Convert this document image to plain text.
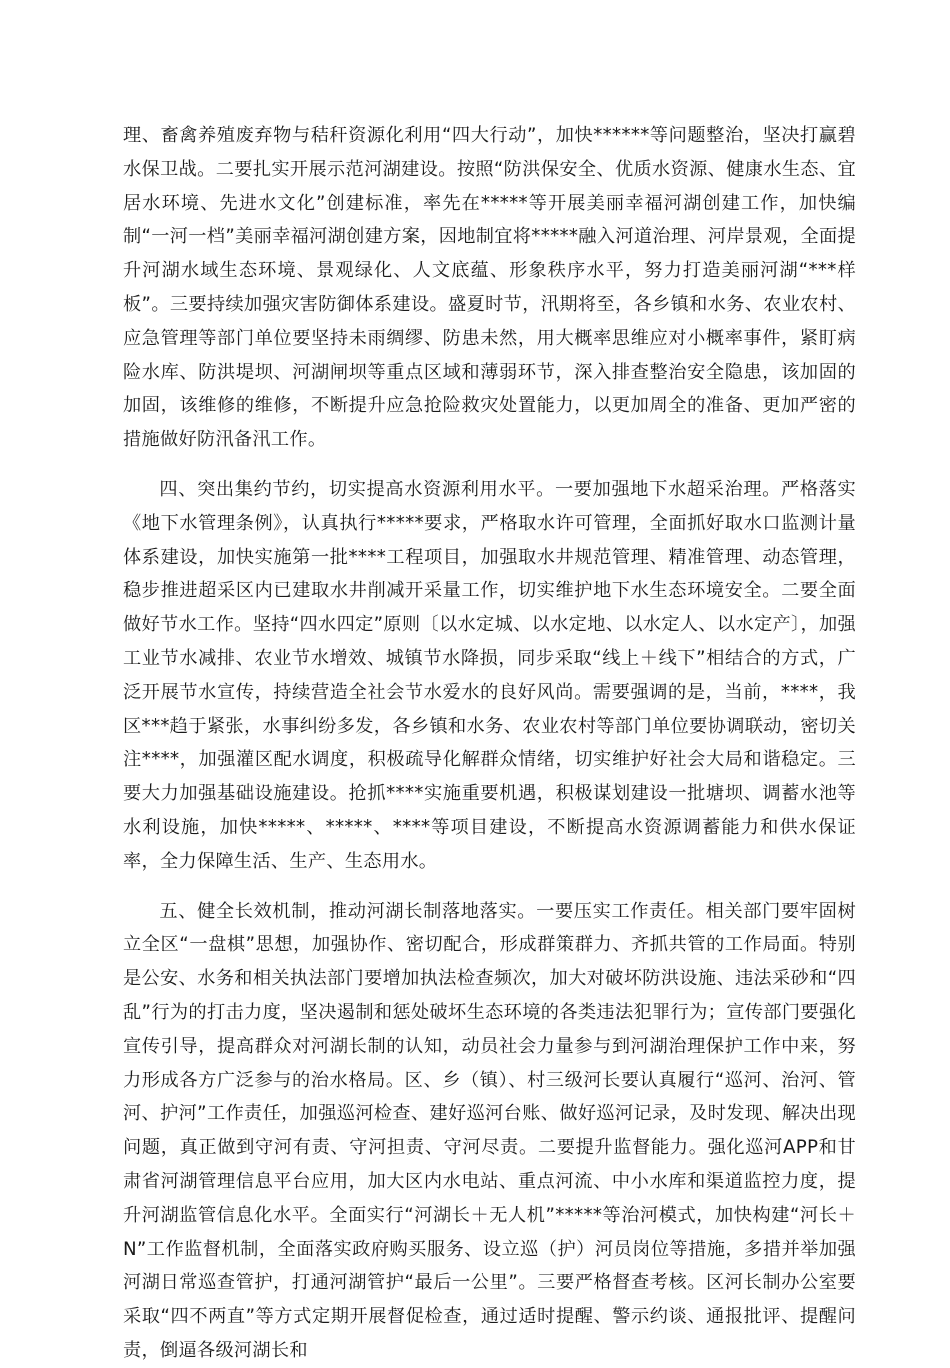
理、畜禽养殖废弃物与秸秆资源化利用“四大行动”，加快******等问题整治，坚决打赢碧水保卫战。二要扎实开展示范河湖建设。按照“防洪保安全、优质水资源、健康水生态、宜居水环境、先进水文化”创建标准，率先在*****等开展美丽幸福河湖创建工作，加快编制“一河一档”美丽幸福河湖创建方案，因地制宜将*****融入河道治理、河岸景观，全面提升河湖水域生态环境、景观绿化、人文底蕴、形象秩序水平，努力打造美丽河湖“***样板”。三要持续加强灾害防御体系建设。盛夏时节，汛期将至，各乡镇和水务、农业农村、应急管理等部门单位要坚持未雨绸缪、防患未然，用大概率思维应对小概率事件，紧盯病险水库、防洪堤坝、河湖闸坝等重点区域和薄弱环节，深入排查整治安全隐患，该加固的加固，该维修的维修，不断提升应急抢险救灾处置能力，以更加周全的准备、更加严密的措施做好防汛备汛工作。

四、突出集约节约，切实提高水资源利用水平。一要加强地下水超采治理。严格落实《地下水管理条例》，认真执行*****要求，严格取水许可管理，全面抓好取水口监测计量体系建设，加快实施第一批****工程项目，加强取水井规范管理、精准管理、动态管理，稳步推进超采区内已建取水井削减开采量工作，切实维护地下水生态环境安全。二要全面做好节水工作。坚持“四水四定”原则〔以水定城、以水定地、以水定人、以水定产〕，加强工业节水减排、农业节水增效、城镇节水降损，同步采取“线上＋线下”相结合的方式，广泛开展节水宣传，持续营造全社会节水爱水的良好风尚。需要强调的是，当前，****，我区***趋于紧张，水事纠纷多发，各乡镇和水务、农业农村等部门单位要协调联动，密切关注****，加强灌区配水调度，积极疏导化解群众情绪，切实维护好社会大局和谐稳定。三要大力加强基础设施建设。抢抓****实施重要机遇，积极谋划建设一批塘坝、调蓄水池等水利设施，加快*****、*****、****等项目建设，不断提高水资源调蓄能力和供水保证率，全力保障生活、生产、生态用水。

五、健全长效机制，推动河湖长制落地落实。一要压实工作责任。相关部门要牢固树立全区“一盘棋”思想，加强协作、密切配合，形成群策群力、齐抓共管的工作局面。特别是公安、水务和相关执法部门要增加执法检查频次，加大对破坏防洪设施、违法采砂和“四乱”行为的打击力度，坚决遏制和惩处破坏生态环境的各类违法犯罪行为；宣传部门要强化宣传引导，提高群众对河湖长制的认知，动员社会力量参与到河湖治理保护工作中来，努力形成各方广泛参与的治水格局。区、乡（镇）、村三级河长要认真履行“巡河、治河、管河、护河”工作责任，加强巡河检查、建好巡河台账、做好巡河记录，及时发现、解决出现问题，真正做到守河有责、守河担责、守河尽责。二要提升监督能力。强化巡河APP和甘肃省河湖管理信息平台应用，加大区内水电站、重点河流、中小水库和渠道监控力度，提升河湖监管信息化水平。全面实行“河湖长＋无人机”*****等治河模式，加快构建“河长＋N”工作监督机制，全面落实政府购买服务、设立巡（护）河员岗位等措施，多措并举加强河湖日常巡查管护，打通河湖管护“最后一公里”。三要严格督查考核。区河长制办公室要采取“四不两直”等方式定期开展督促检查，通过适时提醒、警示约谈、通报批评、提醒问责，倒逼各级河湖长和
